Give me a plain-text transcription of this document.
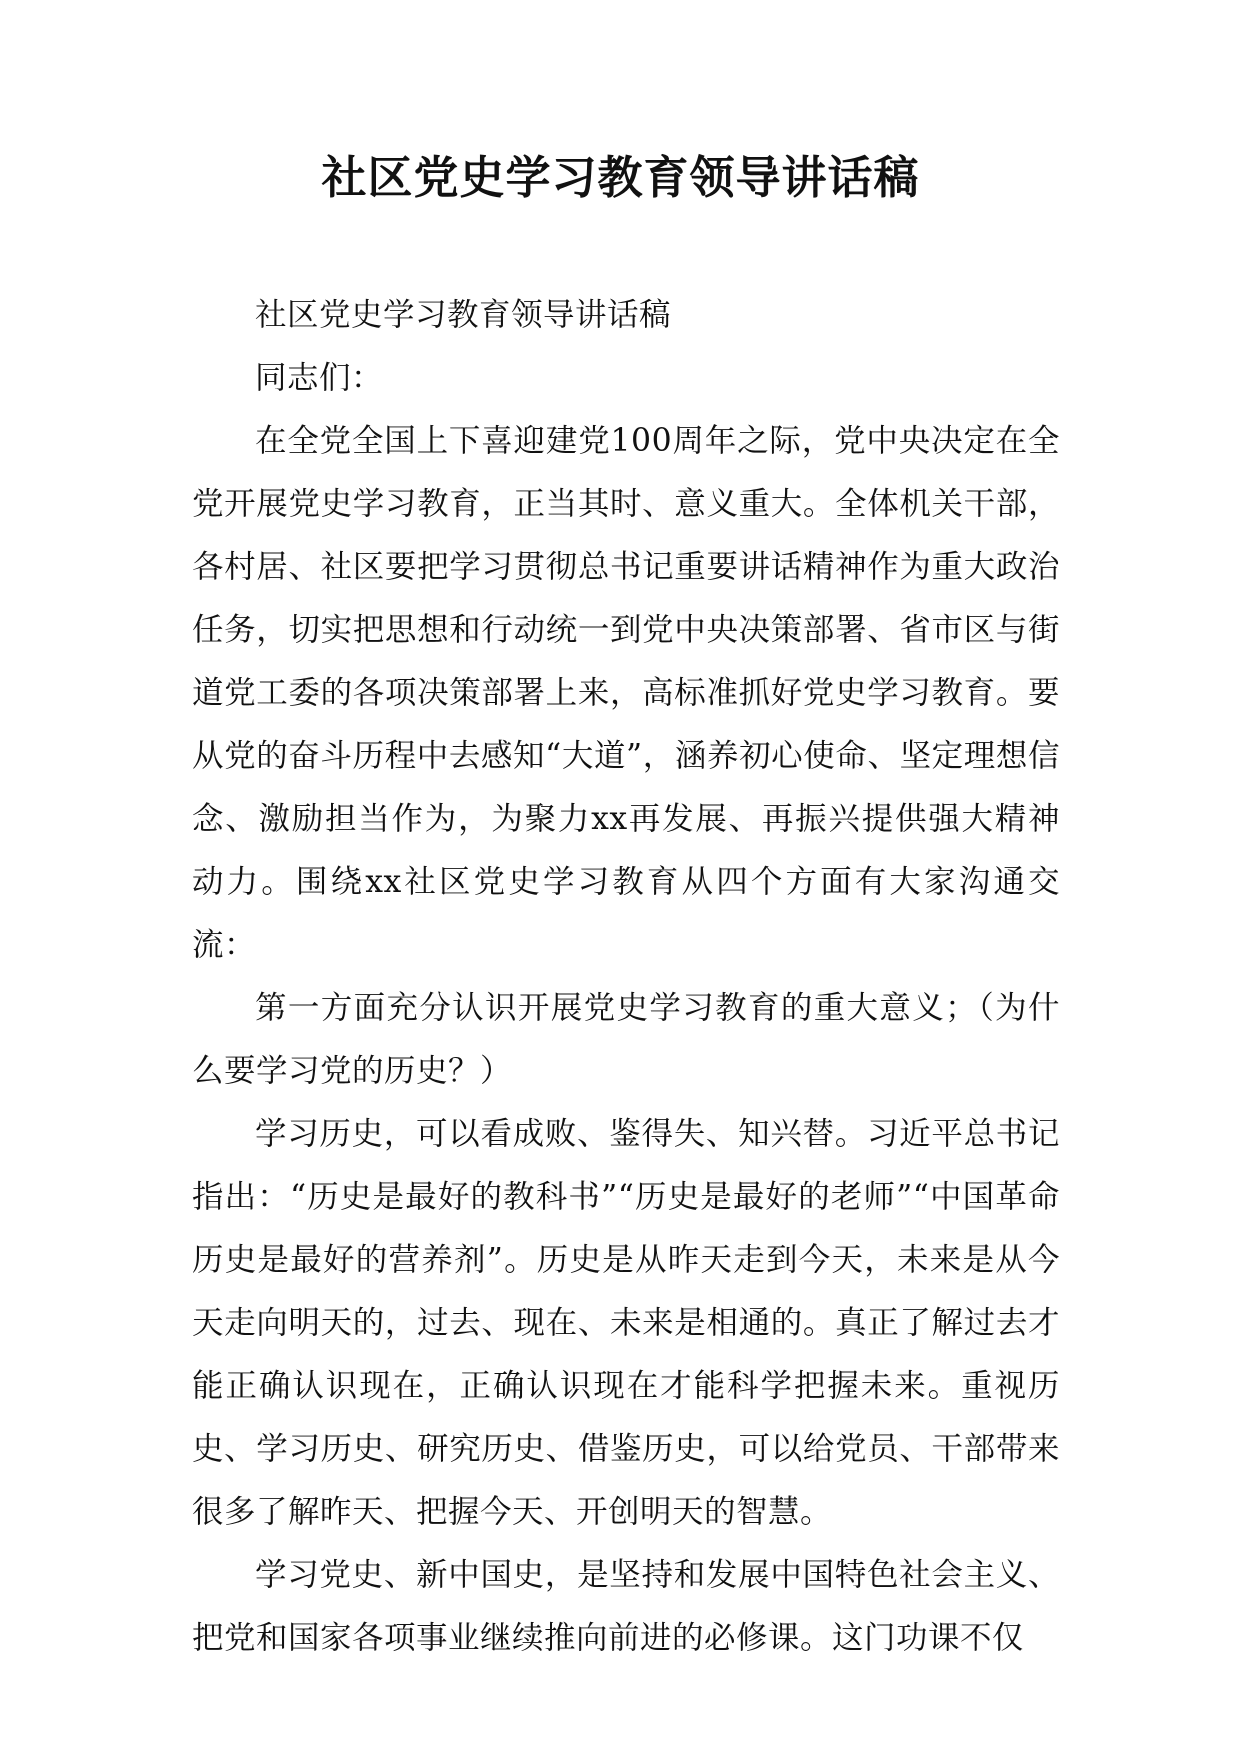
社区党史学习教育领导讲话稿

社区党史学习教育领导讲话稿

同志们：

在全党全国上下喜迎建党100周年之际，党中央决定在全党开展党史学习教育，正当其时、意义重大。全体机关干部，各村居、社区要把学习贯彻总书记重要讲话精神作为重大政治任务，切实把思想和行动统一到党中央决策部署、省市区与街道党工委的各项决策部署上来，高标准抓好党史学习教育。要从党的奋斗历程中去感知“大道”，涵养初心使命、坚定理想信念、激励担当作为，为聚力xx再发展、再振兴提供强大精神动力。围绕xx社区党史学习教育从四个方面有大家沟通交流：

第一方面充分认识开展党史学习教育的重大意义；（为什么要学习党的历史？）

学习历史，可以看成败、鉴得失、知兴替。习近平总书记指出：“历史是最好的教科书”“历史是最好的老师”“中国革命历史是最好的营养剂”。历史是从昨天走到今天，未来是从今天走向明天的，过去、现在、未来是相通的。真正了解过去才能正确认识现在，正确认识现在才能科学把握未来。重视历史、学习历史、研究历史、借鉴历史，可以给党员、干部带来很多了解昨天、把握今天、开创明天的智慧。

学习党史、新中国史，是坚持和发展中国特色社会主义、把党和国家各项事业继续推向前进的必修课。这门功课不仅
